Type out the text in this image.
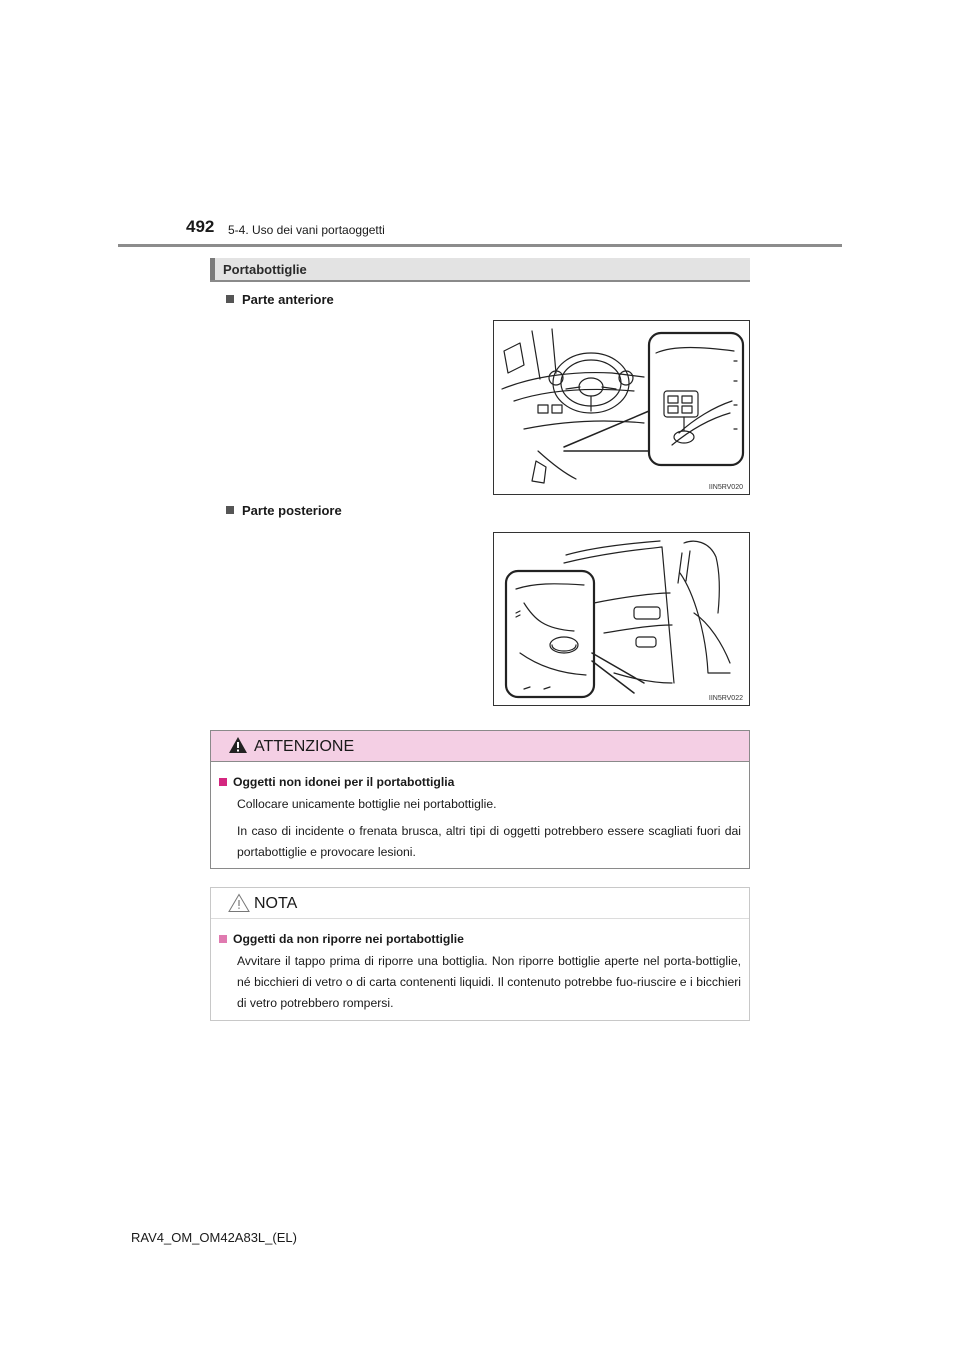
492 5-4. Uso dei vani portaoggetti
Portabottiglie
Parte anteriore
IIN5RV020
Parte posteriore
IIN5RV022
ATTENZIONE
Oggetti non idonei per il portabottiglia

Collocare unicamente bottiglie nei portabottiglie.

In caso di incidente o frenata brusca, altri tipi di oggetti potrebbero essere scagliati fuori dai portabottiglie e provocare lesioni.

NOTA
Oggetti da non riporre nei portabottiglie

Avvitare il tappo prima di riporre una bottiglia. Non riporre bottiglie aperte nel porta-bottiglie, né bicchieri di vetro o di carta contenenti liquidi. Il contenuto potrebbe fuo-riuscire e i bicchieri di vetro potrebbero rompersi.

RAV4_OM_OM42A83L_(EL)
